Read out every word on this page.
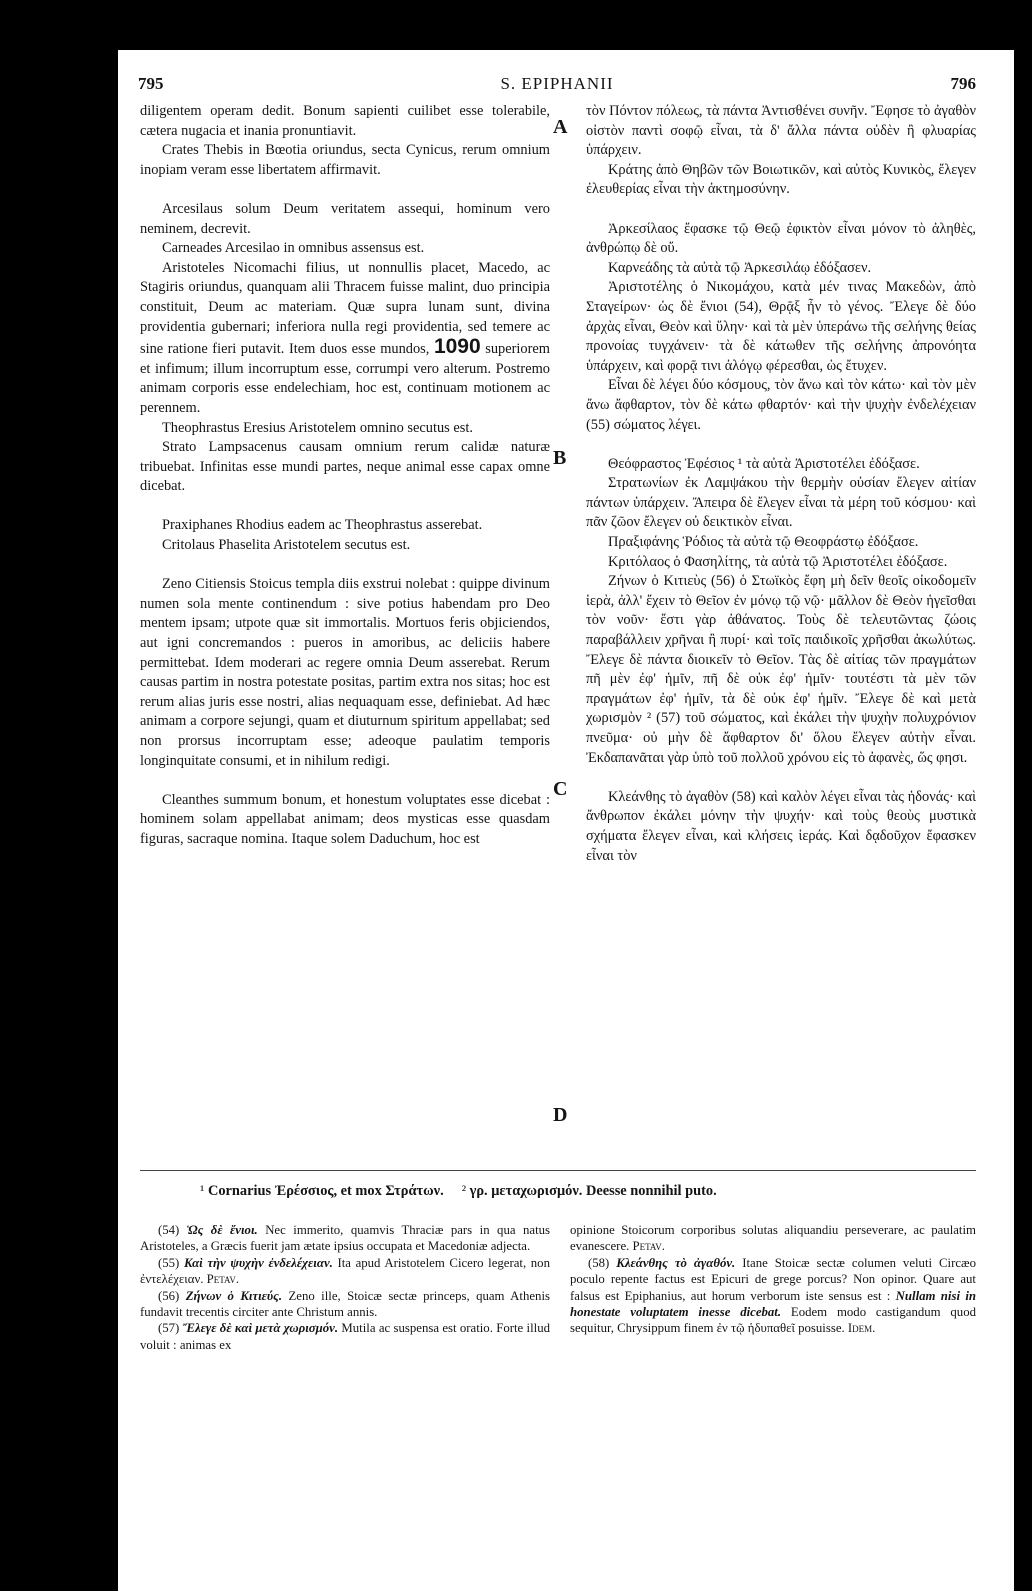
795	S. EPIPHANII	796
A
B
C
D

diligentem operam dedit. Bonum sapienti cuilibet esse tolerabile, cætera nugacia et inania pronuntiavit.

Crates Thebis in Bœotia oriundus, secta Cynicus, rerum omnium inopiam veram esse libertatem affirmavit.

Arcesilaus solum Deum veritatem assequi, hominum vero neminem, decrevit.

Carneades Arcesilao in omnibus assensus est.

Aristoteles Nicomachi filius, ut nonnullis placet, Macedo, ac Stagiris oriundus, quanquam alii Thracem fuisse malint, duo principia constituit, Deum ac materiam. Quæ supra lunam sunt, divina providentia gubernari; inferiora nulla regi providentia, sed temere ac sine ratione fieri putavit. Item duos esse mundos, 1090 superiorem et infimum; illum incorruptum esse, corrumpi vero alterum. Postremo animam corporis esse endelechiam, hoc est, continuam motionem ac perennem.

Theophrastus Eresius Aristotelem omnino secutus est.

Strato Lampsacenus causam omnium rerum calidæ naturæ tribuebat. Infinitas esse mundi partes, neque animal esse capax omne dicebat.

Praxiphanes Rhodius eadem ac Theophrastus asserebat.

Critolaus Phaselita Aristotelem secutus est.

Zeno Citiensis Stoicus templa diis exstrui nolebat : quippe divinum numen sola mente continendum : sive potius habendam pro Deo mentem ipsam; utpote quæ sit immortalis. Mortuos feris objiciendos, aut igni concremandos : pueros in amoribus, ac deliciis habere permittebat. Idem moderari ac regere omnia Deum asserebat. Rerum causas partim in nostra potestate positas, partim extra nos sitas; hoc est rerum alias juris esse nostri, alias nequaquam esse, definiebat. Ad hæc animam a corpore sejungi, quam et diuturnum spiritum appellabat; sed non prorsus incorruptam esse; adeoque paulatim temporis longinquitate consumi, et in nihilum redigi.

Cleanthes summum bonum, et honestum voluptates esse dicebat : hominem solam appellabat animam; deos mysticas esse quasdam figuras, sacraque nomina. Itaque solem Daduchum, hoc est

τὸν Πόντον πόλεως, τὰ πάντα Ἀντισθένει συνῆν. Ἔφησε τὸ ἀγαθὸν οἰστὸν παντὶ σοφῷ εἶναι, τὰ δ' ἄλλα πάντα οὐδὲν ἢ φλυαρίας ὑπάρχειν.

Κράτης ἀπὸ Θηβῶν τῶν Βοιωτικῶν, καὶ αὐτὸς Κυνικὸς, ἔλεγεν ἐλευθερίας εἶναι τὴν ἀκτημοσύνην.

Ἀρκεσίλαος ἔφασκε τῷ Θεῷ ἐφικτὸν εἶναι μόνον τὸ ἀληθὲς, ἀνθρώπῳ δὲ οὔ.

Καρνεάδης τὰ αὐτὰ τῷ Ἀρκεσιλάῳ ἐδόξασεν.

Ἀριστοτέλης ὁ Νικομάχου, κατὰ μέν τινας Μακεδὼν, ἀπὸ Σταγείρων· ὡς δὲ ἔνιοι (54), Θρᾷξ ἦν τὸ γένος. Ἔλεγε δὲ δύο ἀρχὰς εἶναι, Θεὸν καὶ ὕλην· καὶ τὰ μὲν ὑπεράνω τῆς σελήνης θείας προνοίας τυγχάνειν· τὰ δὲ κάτωθεν τῆς σελήνης ἀπρονόητα ὑπάρχειν, καὶ φορᾷ τινι ἀλόγῳ φέρεσθαι, ὡς ἔτυχεν.

Εἶναι δὲ λέγει δύο κόσμους, τὸν ἄνω καὶ τὸν κάτω· καὶ τὸν μὲν ἄνω ἄφθαρτον, τὸν δὲ κάτω φθαρτόν· καὶ τὴν ψυχὴν ἐνδελέχειαν (55) σώματος λέγει.

Θεόφραστος Ἐφέσιος ¹ τὰ αὐτὰ Ἀριστοτέλει ἐδόξασε.

Στρατωνίων ἐκ Λαμψάκου τὴν θερμὴν οὐσίαν ἔλεγεν αἰτίαν πάντων ὑπάρχειν. Ἄπειρα δὲ ἔλεγεν εἶναι τὰ μέρη τοῦ κόσμου· καὶ πᾶν ζῶον ἔλεγεν οὐ δεικτικὸν εἶναι.

Πραξιφάνης Ῥόδιος τὰ αὐτὰ τῷ Θεοφράστῳ ἐδόξασε.

Κριτόλαος ὁ Φασηλίτης, τὰ αὐτὰ τῷ Ἀριστοτέλει ἐδόξασε.

Ζήνων ὁ Κιτιεὺς (56) ὁ Στωϊκὸς ἔφη μὴ δεῖν θεοῖς οἰκοδομεῖν ἱερὰ, ἀλλ' ἔχειν τὸ Θεῖον ἐν μόνῳ τῷ νῷ· μᾶλλον δὲ Θεὸν ἡγεῖσθαι τὸν νοῦν· ἔστι γὰρ ἀθάνατος. Τοὺς δὲ τελευτῶντας ζώοις παραβάλλειν χρῆναι ἢ πυρί· καὶ τοῖς παιδικοῖς χρῆσθαι ἀκωλύτως. Ἔλεγε δὲ πάντα διοικεῖν τὸ Θεῖον. Τὰς δὲ αἰτίας τῶν πραγμάτων πῆ μὲν ἐφ' ἡμῖν, πῆ δὲ οὐκ ἐφ' ἡμῖν· τουτέστι τὰ μὲν τῶν πραγμάτων ἐφ' ἡμῖν, τὰ δὲ οὐκ ἐφ' ἡμῖν. Ἔλεγε δὲ καὶ μετὰ χωρισμὸν ² (57) τοῦ σώματος, καὶ ἐκάλει τὴν ψυχὴν πολυχρόνιον πνεῦμα· οὐ μὴν δὲ ἄφθαρτον δι' ὅλου ἔλεγεν αὐτὴν εἶναι. Ἐκδαπανᾶται γὰρ ὑπὸ τοῦ πολλοῦ χρόνου εἰς τὸ ἀφανὲς, ὥς φησι.

Κλεάνθης τὸ ἀγαθὸν (58) καὶ καλὸν λέγει εἶναι τὰς ἡδονάς· καὶ ἄνθρωπον ἐκάλει μόνην τὴν ψυχήν· καὶ τοὺς θεοὺς μυστικὰ σχήματα ἔλεγεν εἶναι, καὶ κλήσεις ἱεράς. Καὶ δᾳδοῦχον ἔφασκεν εἶναι τὸν

¹ Cornarius Ἐρέσσιος, et mox Στράτων. ² γρ. μεταχωρισμόν. Deesse nonnihil puto.

(54) Ὡς δὲ ἔνιοι. Nec immerito, quamvis Thraciæ pars in qua natus Aristoteles, a Græcis fuerit jam ætate ipsius occupata et Macedoniæ adjecta.

(55) Καὶ τὴν ψυχὴν ἐνδελέχειαν. Ita apud Aristotelem Cicero legerat, non ἐντελέχειαν. Petav.

(56) Ζήνων ὁ Κιτιεύς. Zeno ille, Stoicæ sectæ princeps, quam Athenis fundavit trecentis circiter ante Christum annis.

(57) Ἔλεγε δὲ καὶ μετὰ χωρισμόν. Mutila ac suspensa est oratio. Forte illud voluit : animas ex

opinione Stoicorum corporibus solutas aliquandiu perseverare, ac paulatim evanescere. Petav.

(58) Κλεάνθης τὸ ἀγαθόν. Itane Stoicæ sectæ columen veluti Circæo poculo repente factus est Epicuri de grege porcus? Non opinor. Quare aut falsus est Epiphanius, aut horum verborum iste sensus est : Nullam nisi in honestate voluptatem inesse dicebat. Eodem modo castigandum quod sequitur, Chrysippum finem ἐν τῷ ἡδυπαθεῖ posuisse. Idem.
